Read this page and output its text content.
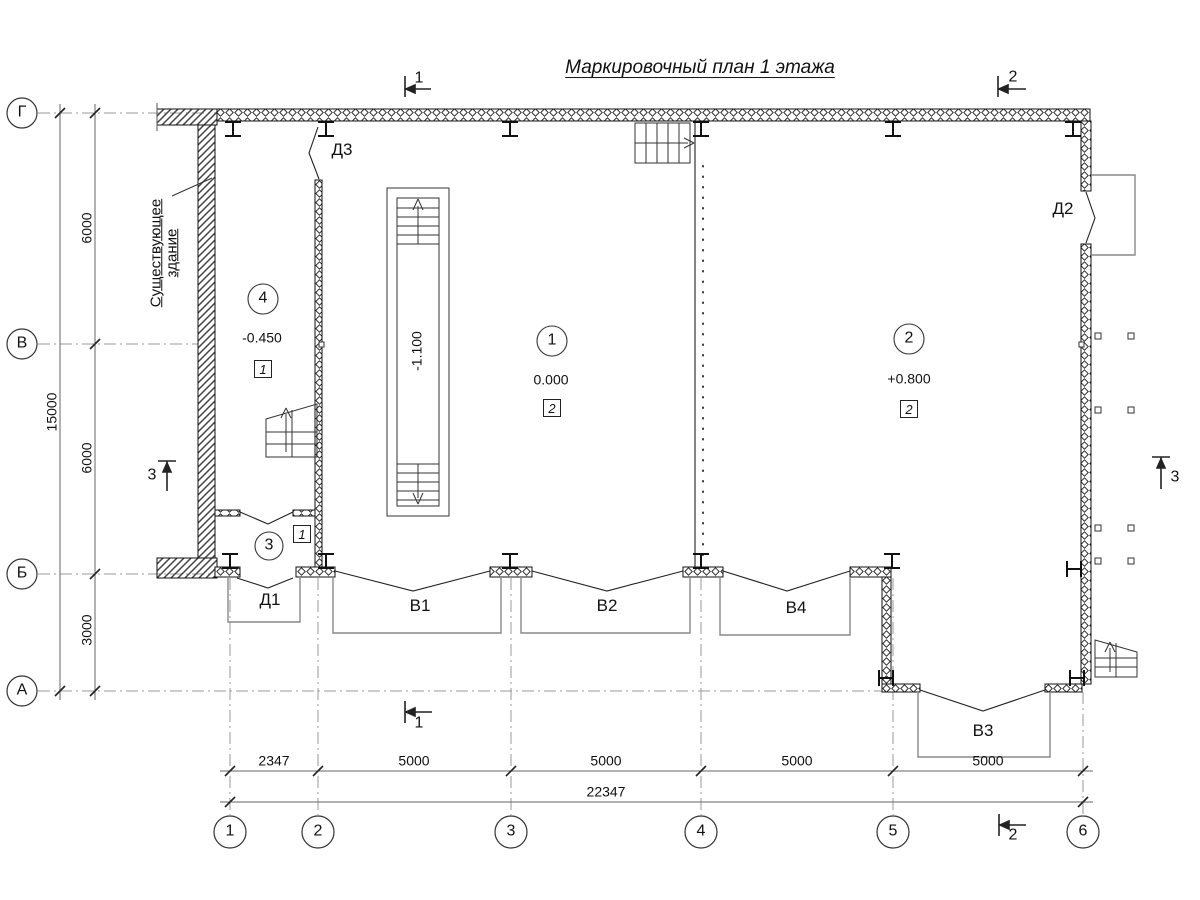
Маркировочный план 1 этажа
Существующее здание
Г
В
Б
А
1	2	3	4	5	6
15000
6000
6000
3000
2347	5000	5000	5000	5000
22347
4
-0.450
1
1
0.000
2
2
+0.800
2
3
1
-1.100
Д3
Д2
Д1	В1	В2	В4
В3
1	2
1
2
3	3
